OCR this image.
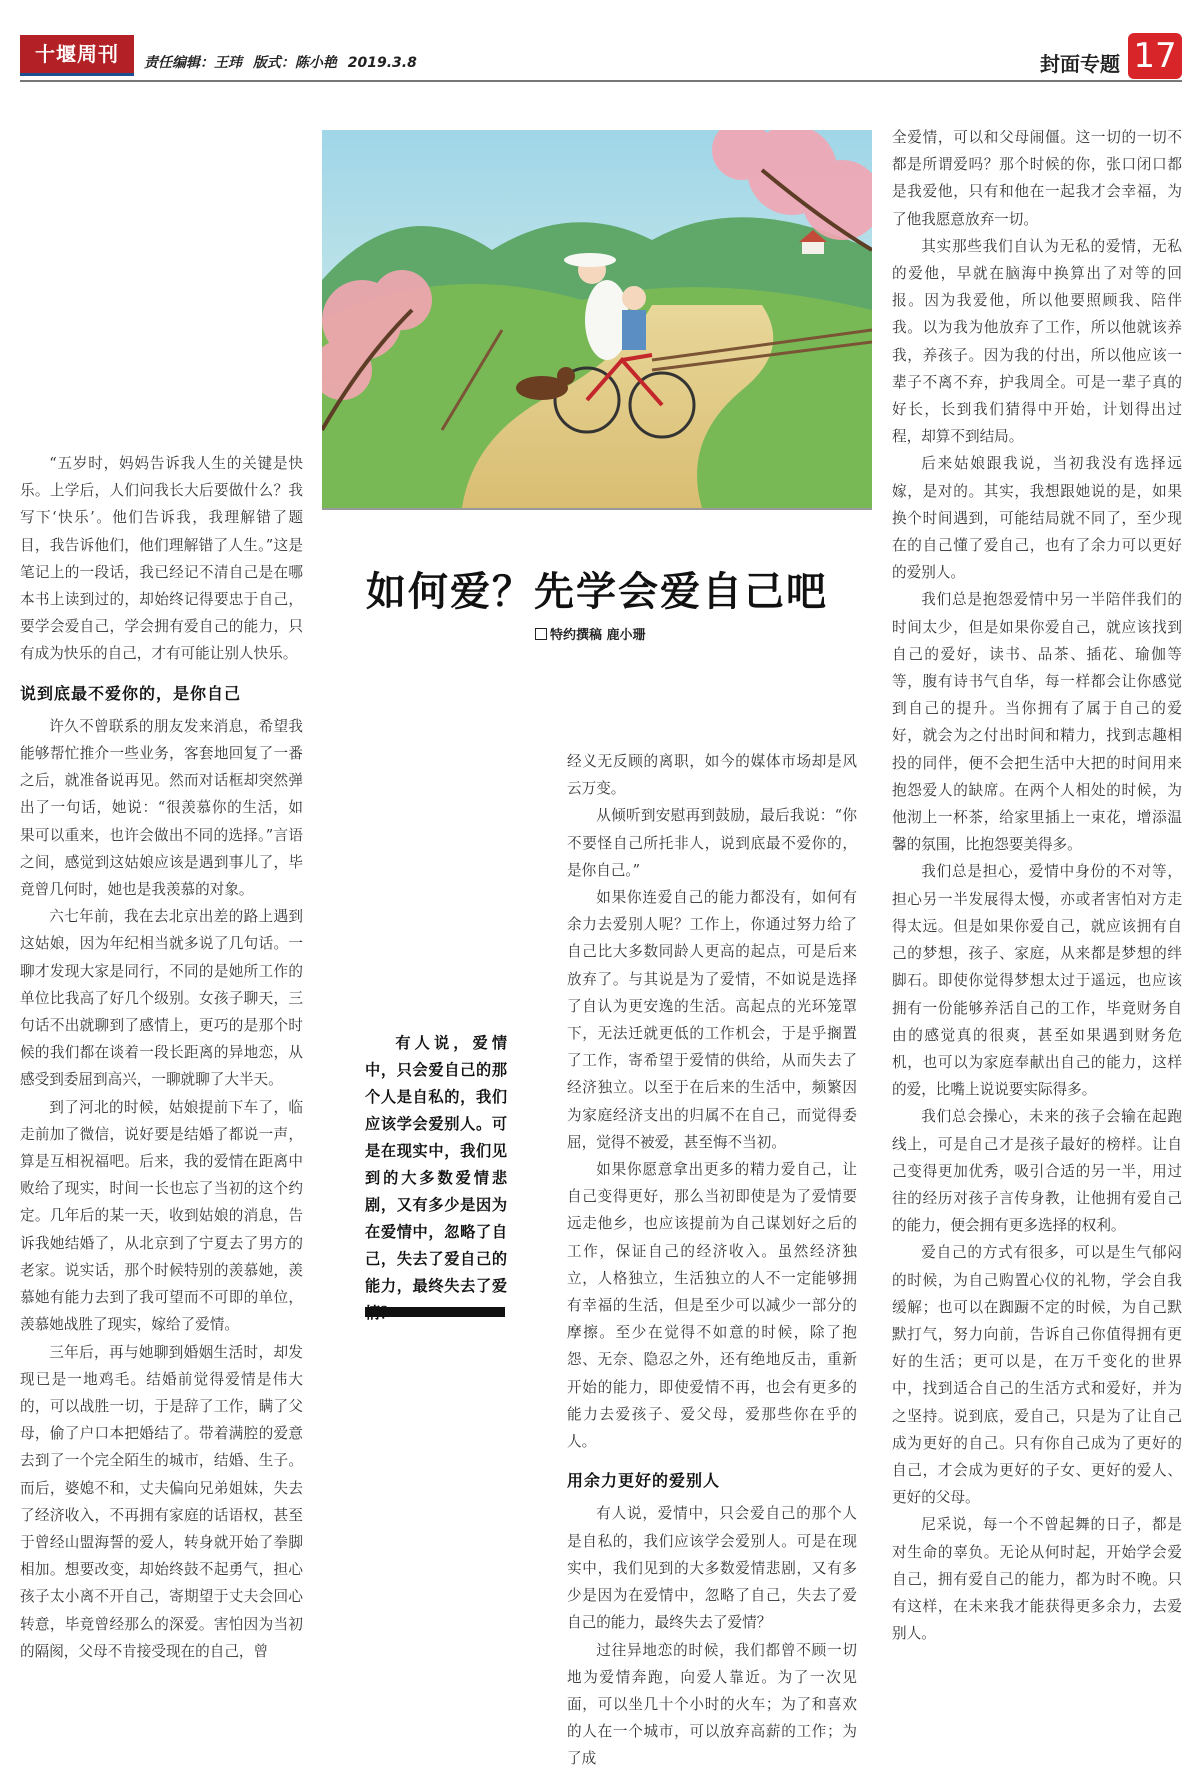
十堰周刊	责任编辑：王玮 版式：陈小艳 2019.3.8	封面专题 17
如何爱？先学会爱自己吧
特约撰稿 鹿小珊
有人说，爱情中，只会爱自己的那个人是自私的，我们应该学会爱别人。可是在现实中，我们见到的大多数爱情悲剧，又有多少是因为在爱情中，忽略了自己，失去了爱自己的能力，最终失去了爱

“五岁时，妈妈告诉我人生的关键是快乐。上学后，人们问我长大后要做什么？我写下‘快乐’。他们告诉我，我理解错了题目，我告诉他们，他们理解错了人生。”这是笔记上的一段话，我已经记不清自己是在哪本书上读到过的，却始终记得要忠于自己，要学会爱自己，学会拥有爱自己的能力，只有成为快乐的自己，才有可能让别人快乐。

说到底最不爱你的，是你自己

许久不曾联系的朋友发来消息，希望我能够帮忙推介一些业务，客套地回复了一番之后，就准备说再见。然而对话框却突然弹出了一句话，她说：“很羡慕你的生活，如果可以重来，也许会做出不同的选择。”言语之间，感觉到这姑娘应该是遇到事儿了，毕竟曾几何时，她也是我羡慕的对象。

六七年前，我在去北京出差的路上遇到这姑娘，因为年纪相当就多说了几句话。一聊才发现大家是同行，不同的是她所工作的单位比我高了好几个级别。女孩子聊天，三句话不出就聊到了感情上，更巧的是那个时候的我们都在谈着一段长距离的异地恋，从感受到委屈到高兴，一聊就聊了大半天。

到了河北的时候，姑娘提前下车了，临走前加了微信，说好要是结婚了都说一声，算是互相祝福吧。后来，我的爱情在距离中败给了现实，时间一长也忘了当初的这个约定。几年后的某一天，收到姑娘的消息，告诉我她结婚了，从北京到了宁夏去了男方的老家。说实话，那个时候特别的羡慕她，羡慕她有能力去到了我可望而不可即的单位，羡慕她战胜了现实，嫁给了爱情。

三年后，再与她聊到婚姻生活时，却发现已是一地鸡毛。结婚前觉得爱情是伟大的，可以战胜一切，于是辞了工作，瞒了父母，偷了户口本把婚结了。带着满腔的爱意去到了一个完全陌生的城市，结婚、生子。而后，婆媳不和，丈夫偏向兄弟姐妹，失去了经济收入，不再拥有家庭的话语权，甚至于曾经山盟海誓的爱人，转身就开始了拳脚相加。想要改变，却始终鼓不起勇气，担心孩子太小离不开自己，寄期望于丈夫会回心转意，毕竟曾经那么的深爱。害怕因为当初的隔阂，父母不肯接受现在的自己，曾

经义无反顾的离职，如今的媒体市场却是风云万变。

从倾听到安慰再到鼓励，最后我说：“你不要怪自己所托非人，说到底最不爱你的，是你自己。”

如果你连爱自己的能力都没有，如何有余力去爱别人呢？工作上，你通过努力给了自己比大多数同龄人更高的起点，可是后来放弃了。与其说是为了爱情，不如说是选择了自认为更安逸的生活。高起点的光环笼罩下，无法迁就更低的工作机会，于是乎搁置了工作，寄希望于爱情的供给，从而失去了经济独立。以至于在后来的生活中，频繁因为家庭经济支出的归属不在自己，而觉得委屈，觉得不被爱，甚至悔不当初。

如果你愿意拿出更多的精力爱自己，让自己变得更好，那么当初即使是为了爱情要远走他乡，也应该提前为自己谋划好之后的工作，保证自己的经济收入。虽然经济独立，人格独立，生活独立的人不一定能够拥有幸福的生活，但是至少可以减少一部分的摩擦。至少在觉得不如意的时候，除了抱怨、无奈、隐忍之外，还有绝地反击，重新开始的能力，即使爱情不再，也会有更多的能力去爱孩子、爱父母，爱那些你在乎的人。

用余力更好的爱别人

有人说，爱情中，只会爱自己的那个人是自私的，我们应该学会爱别人。可是在现实中，我们见到的大多数爱情悲剧，又有多少是因为在爱情中，忽略了自己，失去了爱自己的能力，最终失去了爱情？

过往异地恋的时候，我们都曾不顾一切地为爱情奔跑，向爱人靠近。为了一次见面，可以坐几十个小时的火车；为了和喜欢的人在一个城市，可以放弃高薪的工作；为了成

全爱情，可以和父母闹僵。这一切的一切不都是所谓爱吗？那个时候的你，张口闭口都是我爱他，只有和他在一起我才会幸福，为了他我愿意放弃一切。

其实那些我们自认为无私的爱情，无私的爱他，早就在脑海中换算出了对等的回报。因为我爱他，所以他要照顾我、陪伴我。以为我为他放弃了工作，所以他就该养我，养孩子。因为我的付出，所以他应该一辈子不离不弃，护我周全。可是一辈子真的好长，长到我们猜得中开始，计划得出过程，却算不到结局。

后来姑娘跟我说，当初我没有选择远嫁，是对的。其实，我想跟她说的是，如果换个时间遇到，可能结局就不同了，至少现在的自己懂了爱自己，也有了余力可以更好的爱别人。

我们总是抱怨爱情中另一半陪伴我们的时间太少，但是如果你爱自己，就应该找到自己的爱好，读书、品茶、插花、瑜伽等等，腹有诗书气自华，每一样都会让你感觉到自己的提升。当你拥有了属于自己的爱好，就会为之付出时间和精力，找到志趣相投的同伴，便不会把生活中大把的时间用来抱怨爱人的缺席。在两个人相处的时候，为他沏上一杯茶，给家里插上一束花，增添温馨的氛围，比抱怨要美得多。

我们总是担心，爱情中身份的不对等，担心另一半发展得太慢，亦或者害怕对方走得太远。但是如果你爱自己，就应该拥有自己的梦想，孩子、家庭，从来都是梦想的绊脚石。即使你觉得梦想太过于遥远，也应该拥有一份能够养活自己的工作，毕竟财务自由的感觉真的很爽，甚至如果遇到财务危机，也可以为家庭奉献出自己的能力，这样的爱，比嘴上说说要实际得多。

我们总会操心，未来的孩子会输在起跑线上，可是自己才是孩子最好的榜样。让自己变得更加优秀，吸引合适的另一半，用过往的经历对孩子言传身教，让他拥有爱自己的能力，便会拥有更多选择的权利。

爱自己的方式有很多，可以是生气郁闷的时候，为自己购置心仪的礼物，学会自我缓解；也可以在踟蹰不定的时候，为自己默默打气，努力向前，告诉自己你值得拥有更好的生活；更可以是，在万千变化的世界中，找到适合自己的生活方式和爱好，并为之坚持。说到底，爱自己，只是为了让自己成为更好的自己。只有你自己成为了更好的自己，才会成为更好的子女、更好的爱人、更好的父母。

尼采说，每一个不曾起舞的日子，都是对生命的辜负。无论从何时起，开始学会爱自己，拥有爱自己的能力，都为时不晚。只有这样，在未来我才能获得更多余力，去爱别人。
